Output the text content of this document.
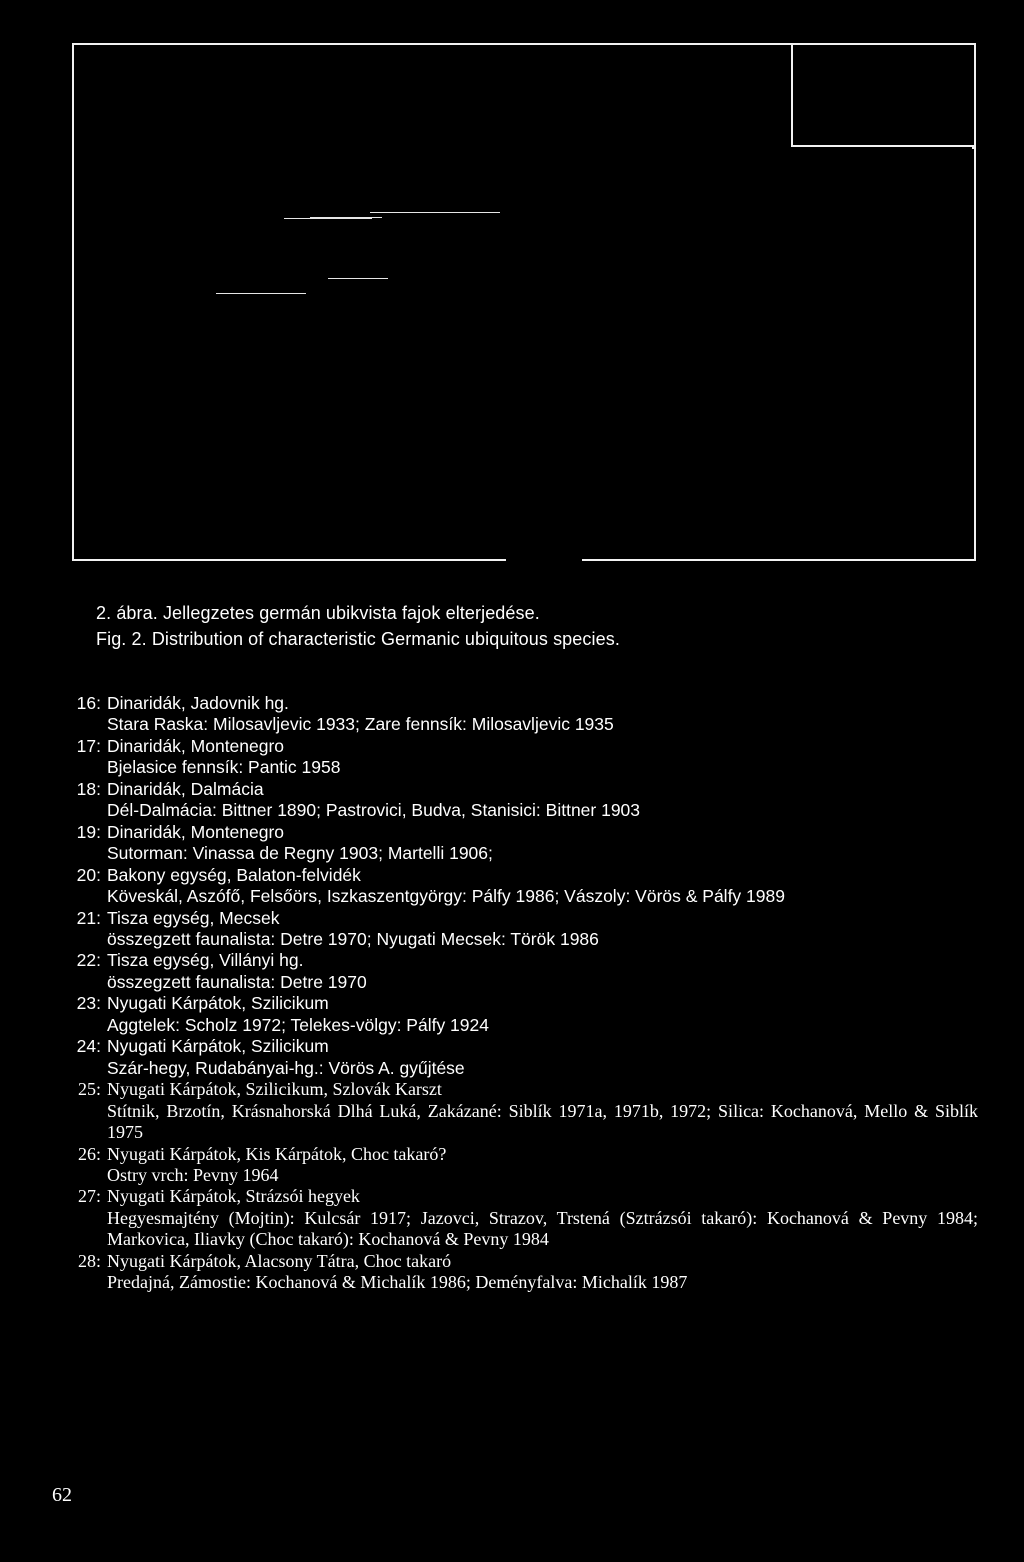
2. ábra. Jellegzetes germán ubikvista fajok elterjedése.
Fig. 2. Distribution of characteristic Germanic ubiquitous species.
16: Dinaridák, Jadovnik hg.
Stara Raska: Milosavljevic 1933; Zare fennsík: Milosavljevic 1935
17: Dinaridák, Montenegro
Bjelasice fennsík: Pantic 1958
18: Dinaridák, Dalmácia
Dél-Dalmácia: Bittner 1890; Pastrovici, Budva, Stanisici: Bittner 1903
19: Dinaridák, Montenegro
Sutorman: Vinassa de Regny 1903; Martelli 1906;
20: Bakony egység, Balaton-felvidék
Köveskál, Aszófő, Felsőörs, Iszkaszentgyörgy: Pálfy 1986; Vászoly: Vörös & Pálfy 1989
21: Tisza egység, Mecsek
összegzett faunalista: Detre 1970; Nyugati Mecsek: Török 1986
22: Tisza egység, Villányi hg.
összegzett faunalista: Detre 1970
23: Nyugati Kárpátok, Szilicikum
Aggtelek: Scholz 1972; Telekes-völgy: Pálfy 1924
24: Nyugati Kárpátok, Szilicikum
Szár-hegy, Rudabányai-hg.: Vörös A. gyűjtése
25: Nyugati Kárpátok, Szilicikum, Szlovák Karszt
Stítnik, Brzotín, Krásnahorská Dlhá Luká, Zakázané: Siblík 1971a, 1971b, 1972; Silica: Kochanová, Mello & Siblík 1975
26: Nyugati Kárpátok, Kis Kárpátok, Choc takaró?
Ostry vrch: Pevny 1964
27: Nyugati Kárpátok, Strázsói hegyek
Hegyesmajtény (Mojtin): Kulcsár 1917; Jazovci, Strazov, Trstená (Sztrázsói takaró): Kochanová & Pevny 1984; Markovica, Iliavky (Choc takaró): Kochanová & Pevny 1984
28: Nyugati Kárpátok, Alacsony Tátra, Choc takaró
Predajná, Zámostie: Kochanová & Michalík 1986; Deményfalva: Michalík 1987
62
